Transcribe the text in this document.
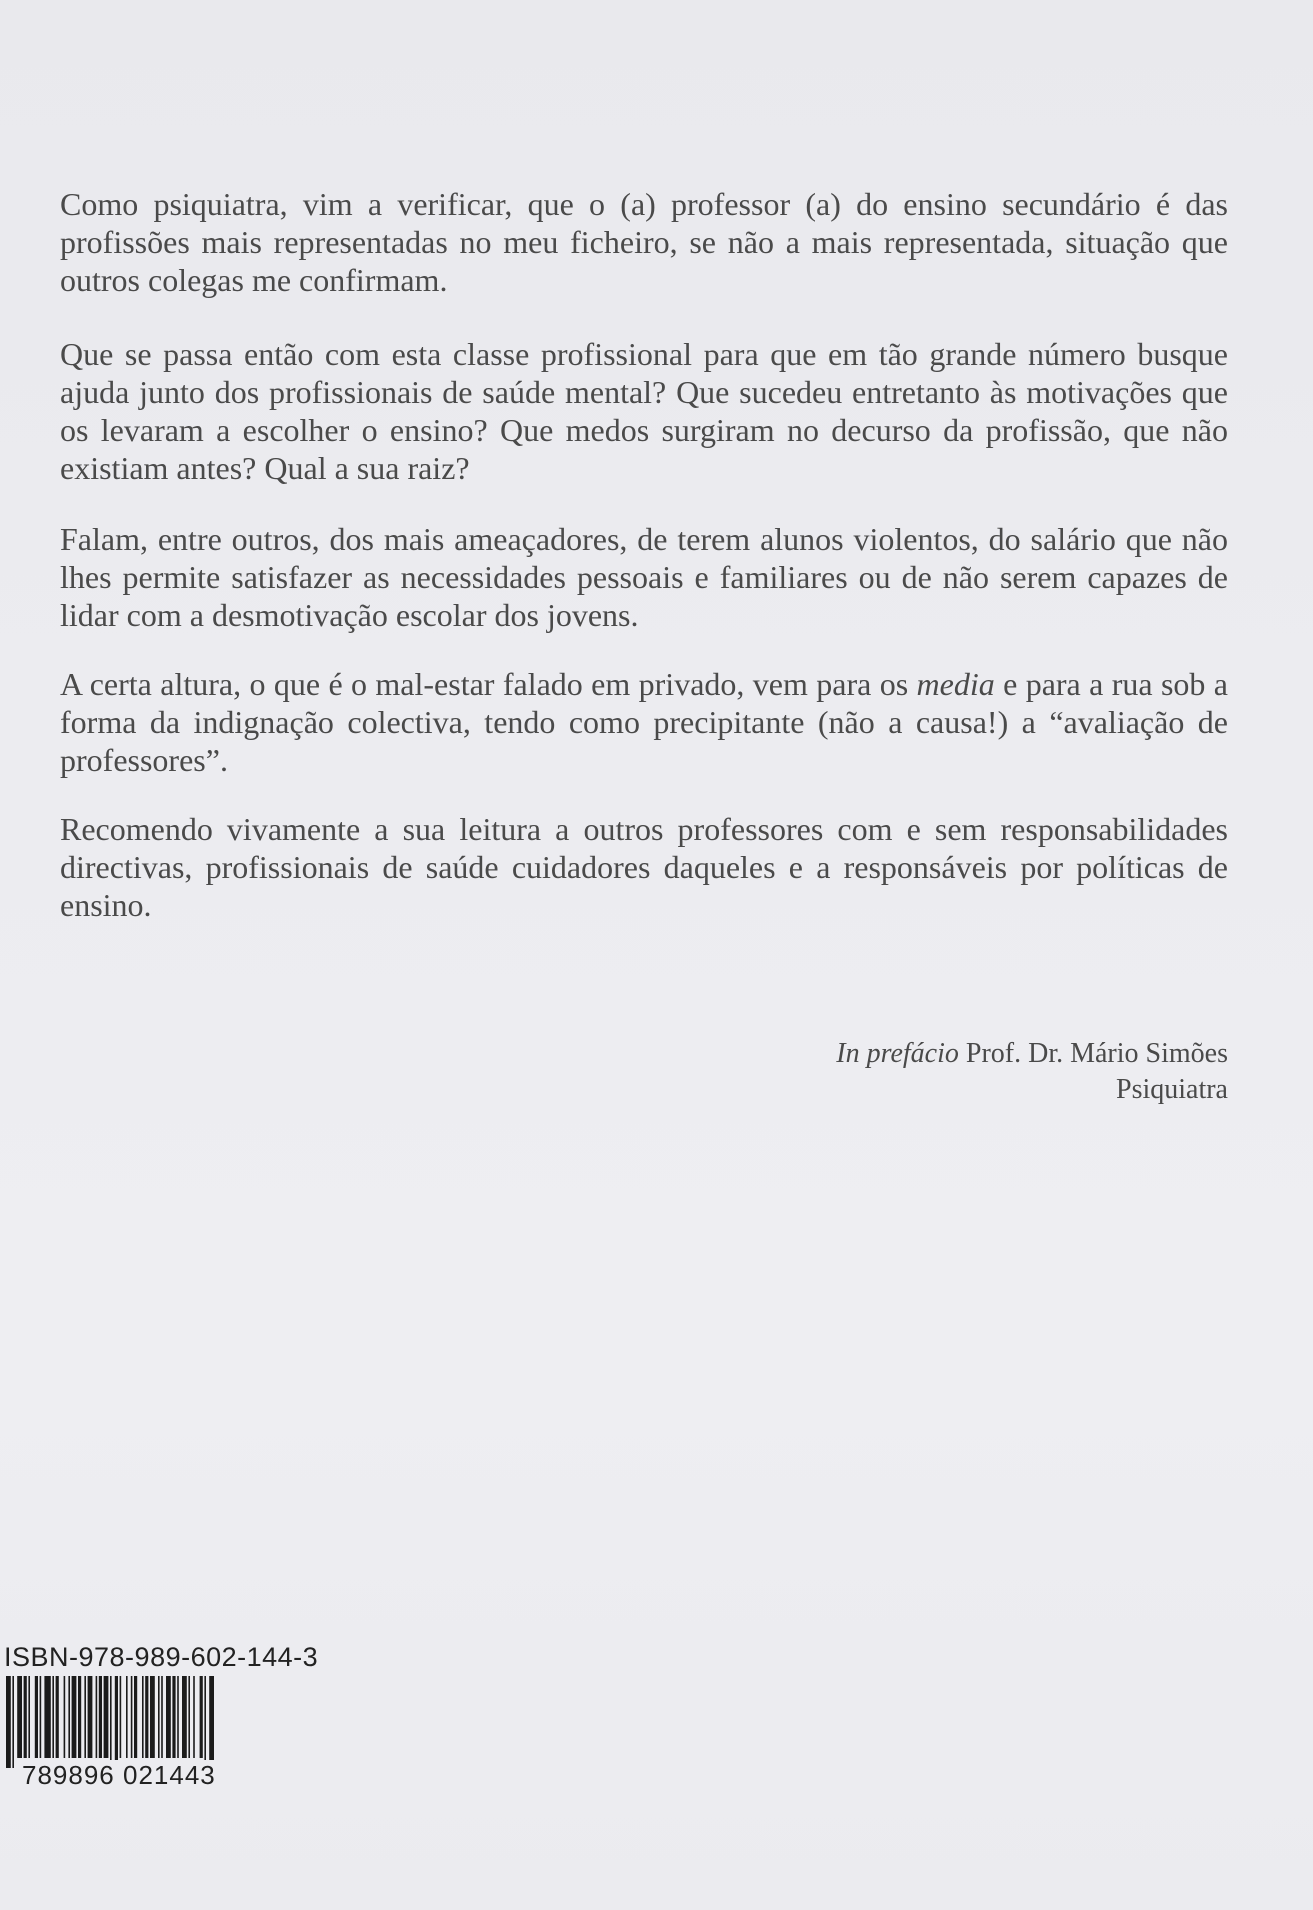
Como psiquiatra, vim a verificar, que o (a) professor (a) do ensino secundário é das profissões mais representadas no meu ficheiro, se não a mais representada, situação que outros colegas me confirmam.

Que se passa então com esta classe profissional para que em tão grande número busque ajuda junto dos profissionais de saúde mental? Que sucedeu entretanto às motivações que os levaram a escolher o ensino? Que medos surgiram no decurso da profissão, que não existiam antes? Qual a sua raiz?

Falam, entre outros, dos mais ameaçadores, de terem alunos violentos, do salário que não lhes permite satisfazer as necessidades pessoais e familiares ou de não serem capazes de lidar com a desmotivação escolar dos jovens.

A certa altura, o que é o mal-estar falado em privado, vem para os media e para a rua sob a forma da indignação colectiva, tendo como precipitante (não a causa!) a “avaliação de professores”.

Recomendo vivamente a sua leitura a outros professores com e sem responsabilidades directivas, profissionais de saúde cuidadores daqueles e a responsáveis por políticas de ensino.

In prefácio Prof. Dr. Mário Simões
Psiquiatra
ISBN-978-989-602-144-3
789896 021443
